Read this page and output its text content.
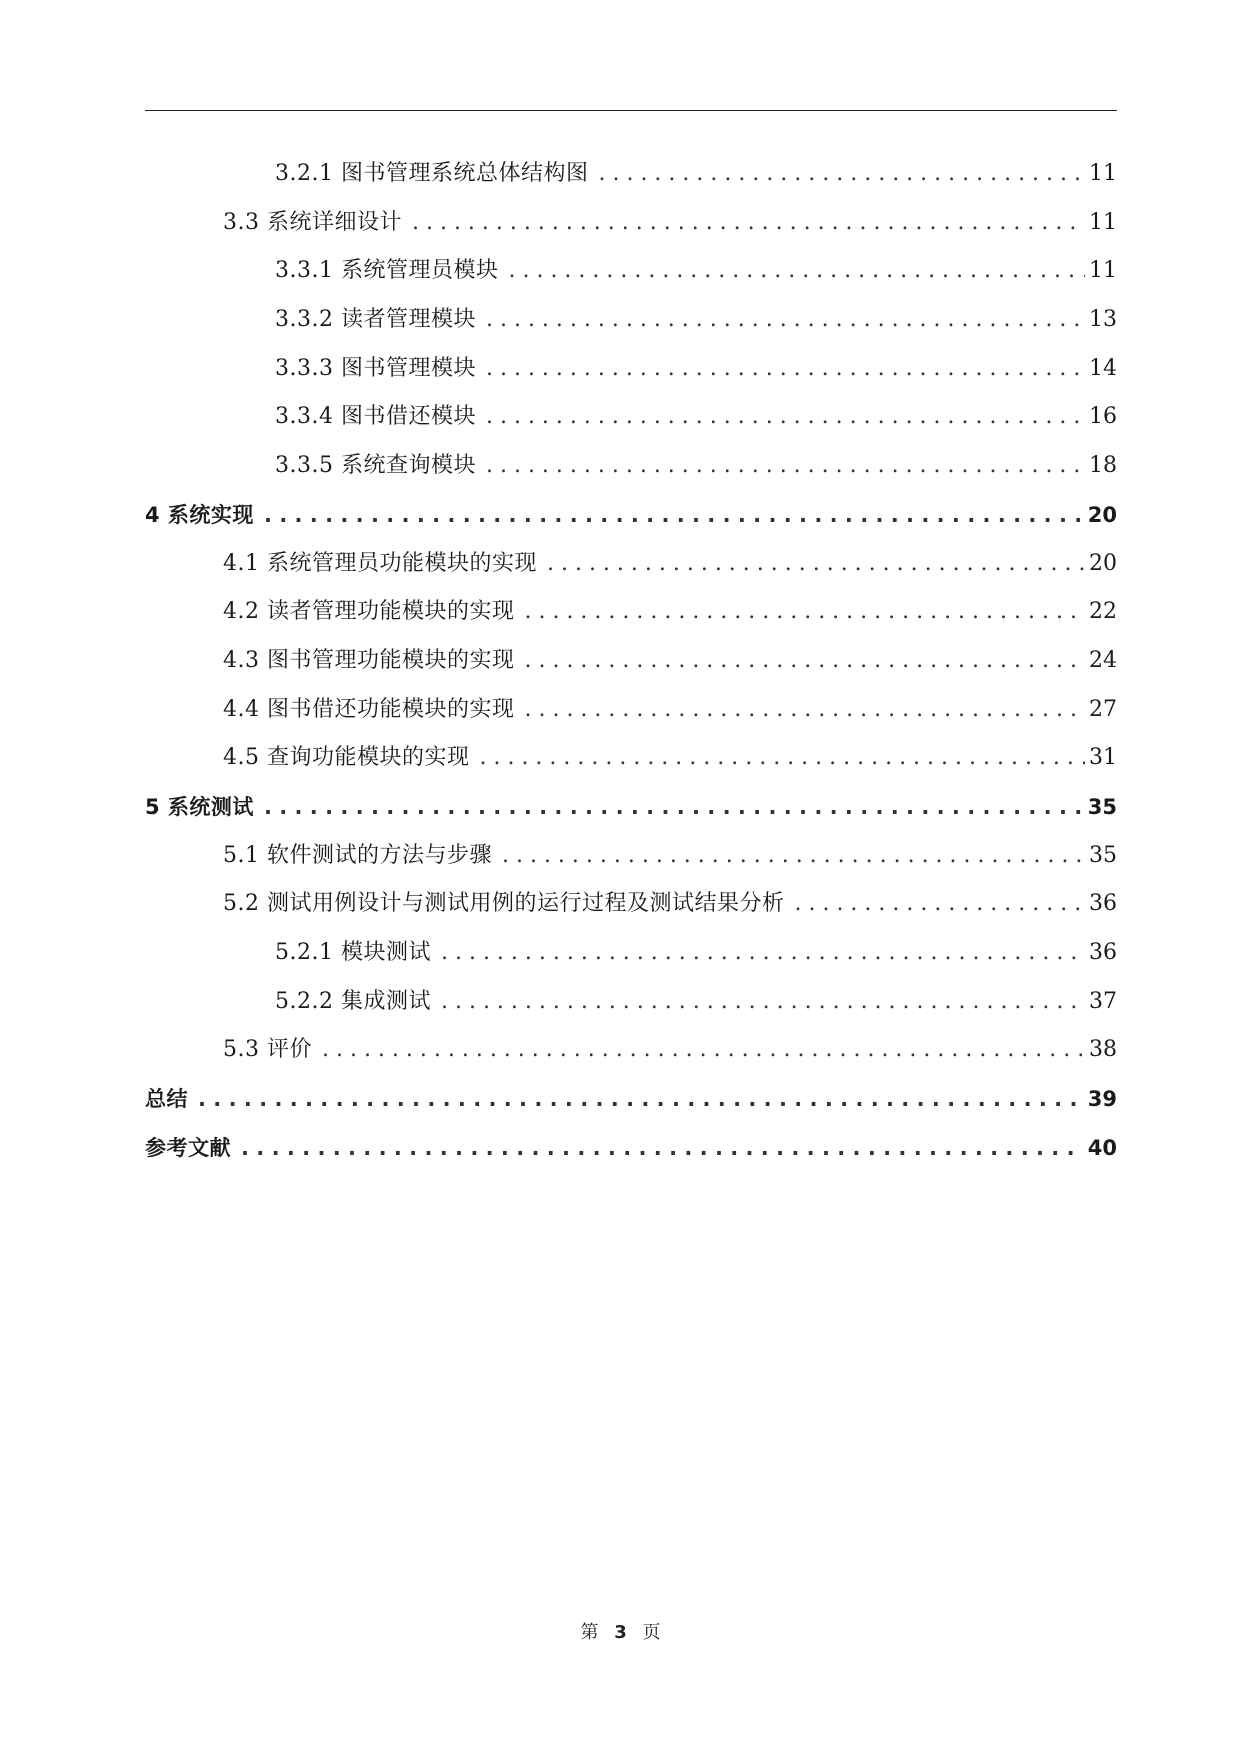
3.2.1 图书管理系统总体结构图 . . .	11
3.3 系统详细设计 . . .	11
3.3.1 系统管理员模块 . . .	11
3.3.2 读者管理模块 . . .	13
3.3.3 图书管理模块 . . .	14
3.3.4 图书借还模块 . . .	16
3.3.5 系统查询模块 . . .	18
4 系统实现 . . .	20
4.1 系统管理员功能模块的实现 . . .	20
4.2 读者管理功能模块的实现 . . .	22
4.3 图书管理功能模块的实现 . . .	24
4.4 图书借还功能模块的实现 . . .	27
4.5 查询功能模块的实现 . . .	31
5 系统测试 . . .	35
5.1 软件测试的方法与步骤 . . .	35
5.2 测试用例设计与测试用例的运行过程及测试结果分析 . . .	36
5.2.1 模块测试 . . .	36
5.2.2 集成测试 . . .	37
5.3 评价 . . .	38
总结 . . .	39
参考文献 . . .	40
第 3 页
